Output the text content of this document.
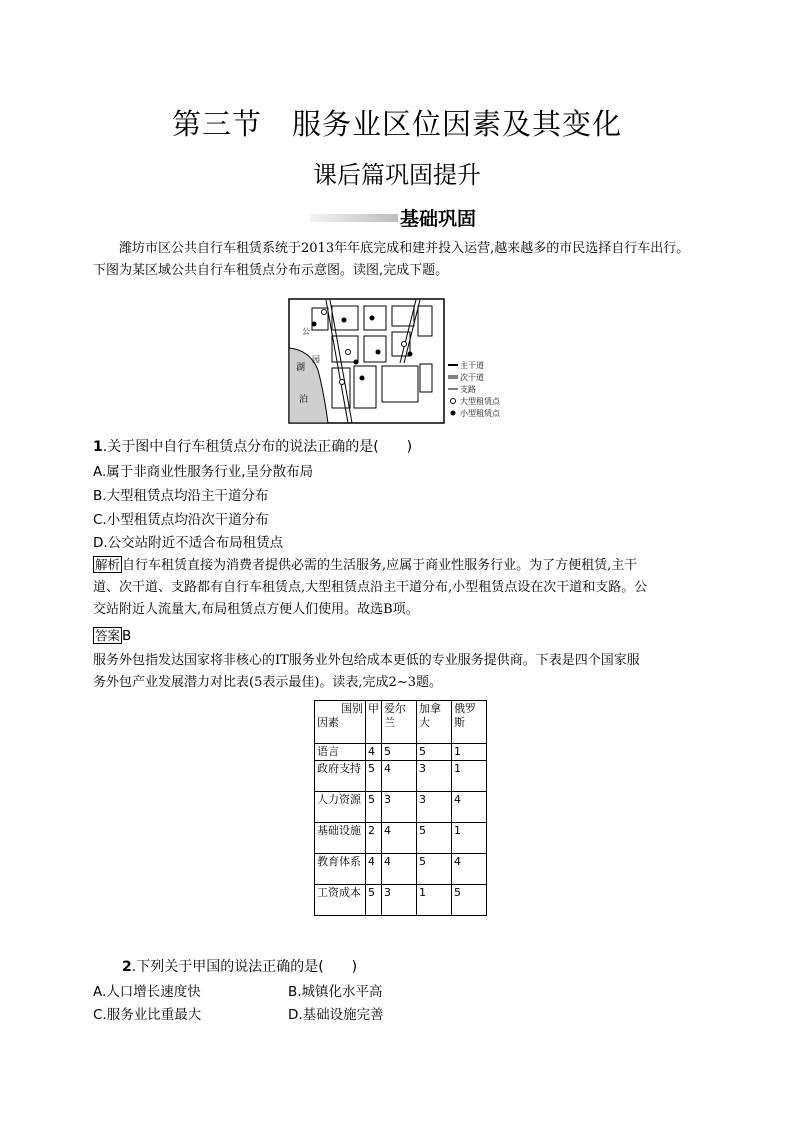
第三节　服务业区位因素及其变化
课后篇巩固提升
基础巩固
潍坊市区公共自行车租赁系统于2013年年底完成和建并投入运营,越来越多的市民选择自行车出行。下图为某区域公共自行车租赁点分布示意图。读图,完成下题。
湖
泊
公
园
主干道
次干道
支路
大型租赁点
小型租赁点
1.关于图中自行车租赁点分布的说法正确的是(　　)
A.属于非商业性服务行业,呈分散布局
B.大型租赁点均沿主干道分布
C.小型租赁点均沿次干道分布
D.公交站附近不适合布局租赁点
解析 自行车租赁直接为消费者提供必需的生活服务,应属于商业性服务行业。为了方便租赁,主干
道、次干道、支路都有自行车租赁点,大型租赁点沿主干道分布,小型租赁点设在次干道和支路。公
交站附近人流量大,布局租赁点方便人们使用。故选B项。
答案 B
服务外包指发达国家将非核心的IT服务业外包给成本更低的专业服务提供商。下表是四个国家服
务外包产业发展潜力对比表(5表示最佳)。读表,完成2~3题。
国别
因素	甲	爱尔兰	加拿大	俄罗斯
语言	4	5	5	1
政府支持	5	4	3	1
人力资源	5	3	3	4
基础设施	2	4	5	1
教育体系	4	4	5	4
工资成本	5	3	1	5
2.下列关于甲国的说法正确的是(　　)
A.人口增长速度快	B.城镇化水平高
C.服务业比重最大	D.基础设施完善
